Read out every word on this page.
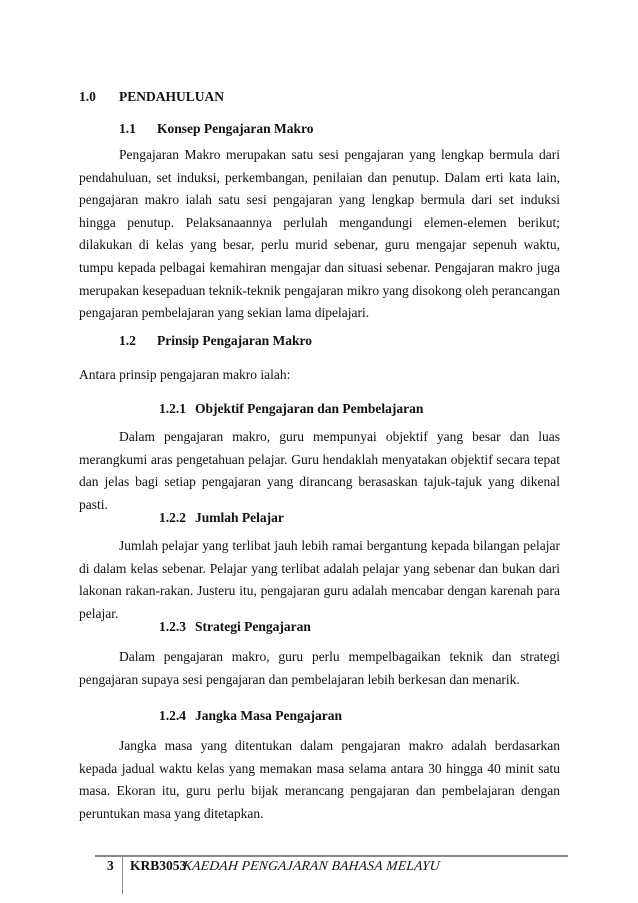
1.0 PENDAHULUAN
1.1 Konsep Pengajaran Makro

Pengajaran Makro merupakan satu sesi pengajaran yang lengkap bermula dari pendahuluan, set induksi, perkembangan, penilaian dan penutup. Dalam erti kata lain, pengajaran makro ialah satu sesi pengajaran yang lengkap bermula dari set induksi hingga penutup. Pelaksanaannya perlulah mengandungi elemen-elemen berikut; dilakukan di kelas yang besar, perlu murid sebenar, guru mengajar sepenuh waktu, tumpu kepada pelbagai kemahiran mengajar dan situasi sebenar. Pengajaran makro juga merupakan kesepaduan teknik-teknik pengajaran mikro yang disokong oleh perancangan pengajaran pembelajaran yang sekian lama dipelajari.

1.2 Prinsip Pengajaran Makro

Antara prinsip pengajaran makro ialah:

1.2.1 Objektif Pengajaran dan Pembelajaran

Dalam pengajaran makro, guru mempunyai objektif yang besar dan luas merangkumi aras pengetahuan pelajar. Guru hendaklah menyatakan objektif secara tepat dan jelas bagi setiap pengajaran yang dirancang berasaskan tajuk-tajuk yang dikenal pasti.

1.2.2 Jumlah Pelajar

Jumlah pelajar yang terlibat jauh lebih ramai bergantung kepada bilangan pelajar di dalam kelas sebenar. Pelajar yang terlibat adalah pelajar yang sebenar dan bukan dari lakonan rakan-rakan. Justeru itu, pengajaran guru adalah mencabar dengan karenah para pelajar.

1.2.3 Strategi Pengajaran

Dalam pengajaran makro, guru perlu mempelbagaikan teknik dan strategi pengajaran supaya sesi pengajaran dan pembelajaran lebih berkesan dan menarik.

1.2.4 Jangka Masa Pengajaran

Jangka masa yang ditentukan dalam pengajaran makro adalah berdasarkan kepada jadual waktu kelas yang memakan masa selama antara 30 hingga 40 minit satu masa. Ekoran itu, guru perlu bijak merancang pengajaran dan pembelajaran dengan peruntukan masa yang ditetapkan.

3 KRB3053
KAEDAH PENGAJARAN BAHASA MELAYU
